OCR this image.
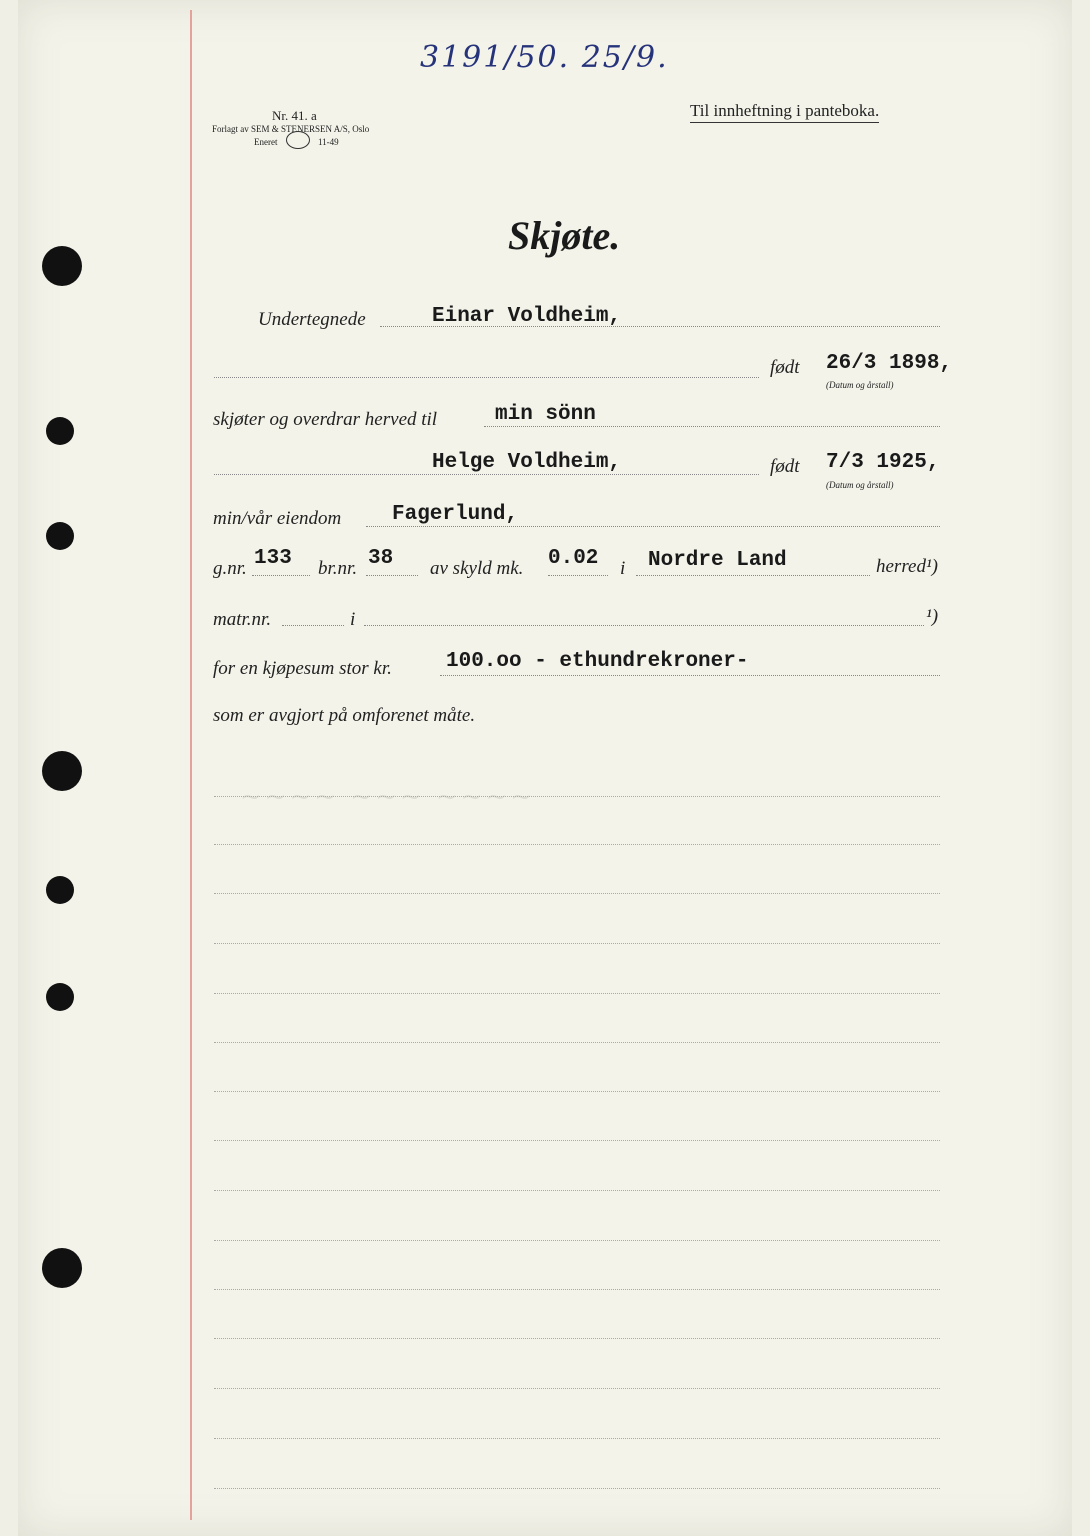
3191/50. 25/9.
Nr. 41. a
Forlagt av SEM & STENERSEN A/S, Oslo
Eneret	11-49
Til innheftning i panteboka.
Skjøte.
Undertegnede	Einar Voldheim,
født 26/3 1898,
(Datum og årstall)
skjøter og overdrar herved til	min sönn
Helge Voldheim,	født 7/3 1925,
(Datum og årstall)
min/vår eiendom Fagerlund,
g.nr. 133 br.nr. 38 av skyld mk. 0.02 i Nordre Land	herred¹)
matr.nr.	i	¹)
for en kjøpesum stor kr.	100.oo - ethundrekroner-
som er avgjort på omforenet måte.
~~~~ ~~~ ~~~~
